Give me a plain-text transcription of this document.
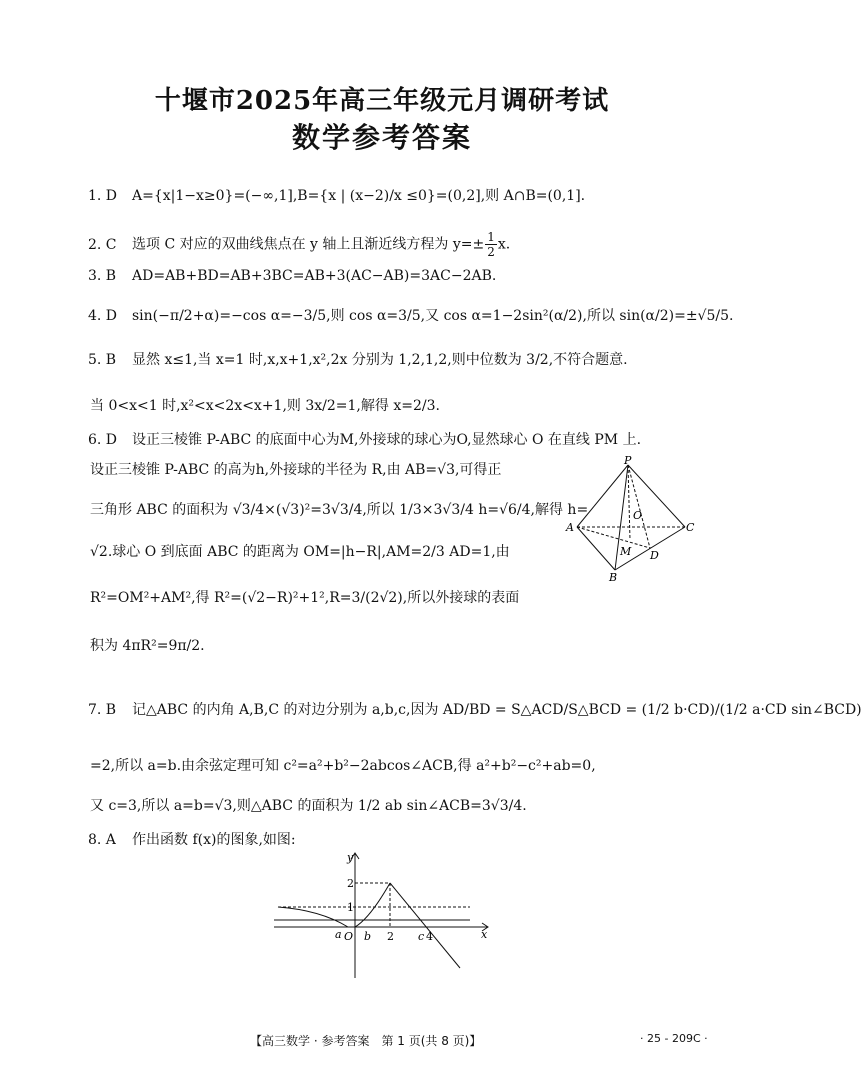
十堰市2025年高三年级元月调研考试
数学参考答案
1. D A={x|1−x≥0}=(−∞,1],B={x | (x−2)/x ≤0}=(0,2],则 A∩B=(0,1].
2. C 选项 C 对应的双曲线焦点在 y 轴上且渐近线方程为 $y=\pm \frac{1}{2} x$.
3. B AD=AB+BD=AB+3BC=AB+3(AC−AB)=3AC−2AB.
4. D sin(−π/2+α)=−cos α=−3/5,则 cos α=3/5,又 cos α=1−2sin²(α/2),所以 sin(α/2)=±√5/5.
5. B 显然 x≤1,当 x=1 时,x,x+1,x²,2x 分别为 1,2,1,2,则中位数为 3/2,不符合题意.
当 0<x<1 时,x²<x<2x<x+1,则 3x/2=1,解得 x=2/3.
6. D 设正三棱锥 P-ABC 的底面中心为M,外接球的球心为O,显然球心 O 在直线 PM 上.
设正三棱锥 P-ABC 的高为h,外接球的半径为 R,由 AB=√3,可得正
三角形 ABC 的面积为 √3/4×(√3)²=3√3/4,所以 1/3×3√3/4 h=√6/4,解得 h=
√2.球心 O 到底面 ABC 的距离为 OM=|h−R|,AM=2/3 AD=1,由
R²=OM²+AM²,得 R²=(√2−R)²+1²,R=3/(2√2),所以外接球的表面
积为 4πR²=9π/2.
P
A
O
C
M D
B
7. B 记△ABC 的内角 A,B,C 的对边分别为 a,b,c,因为 AD/BD = S△ACD/S△BCD = (1/2 b·CD)/(1/2 a·CD sin∠BCD)
=2,所以 a=b.由余弦定理可知 c²=a²+b²−2abcos∠ACB,得 a²+b²−c²+ab=0,
又 c=3,所以 a=b=√3,则△ABC 的面积为 1/2 ab sin∠ACB=3√3/4.
8. A 作出函数 f(x)的图象,如图:
y
2
1
a O b 2 c 4	x
【高三数学 · 参考答案　第 1 页(共 8 页)】	· 25 - 209C ·
